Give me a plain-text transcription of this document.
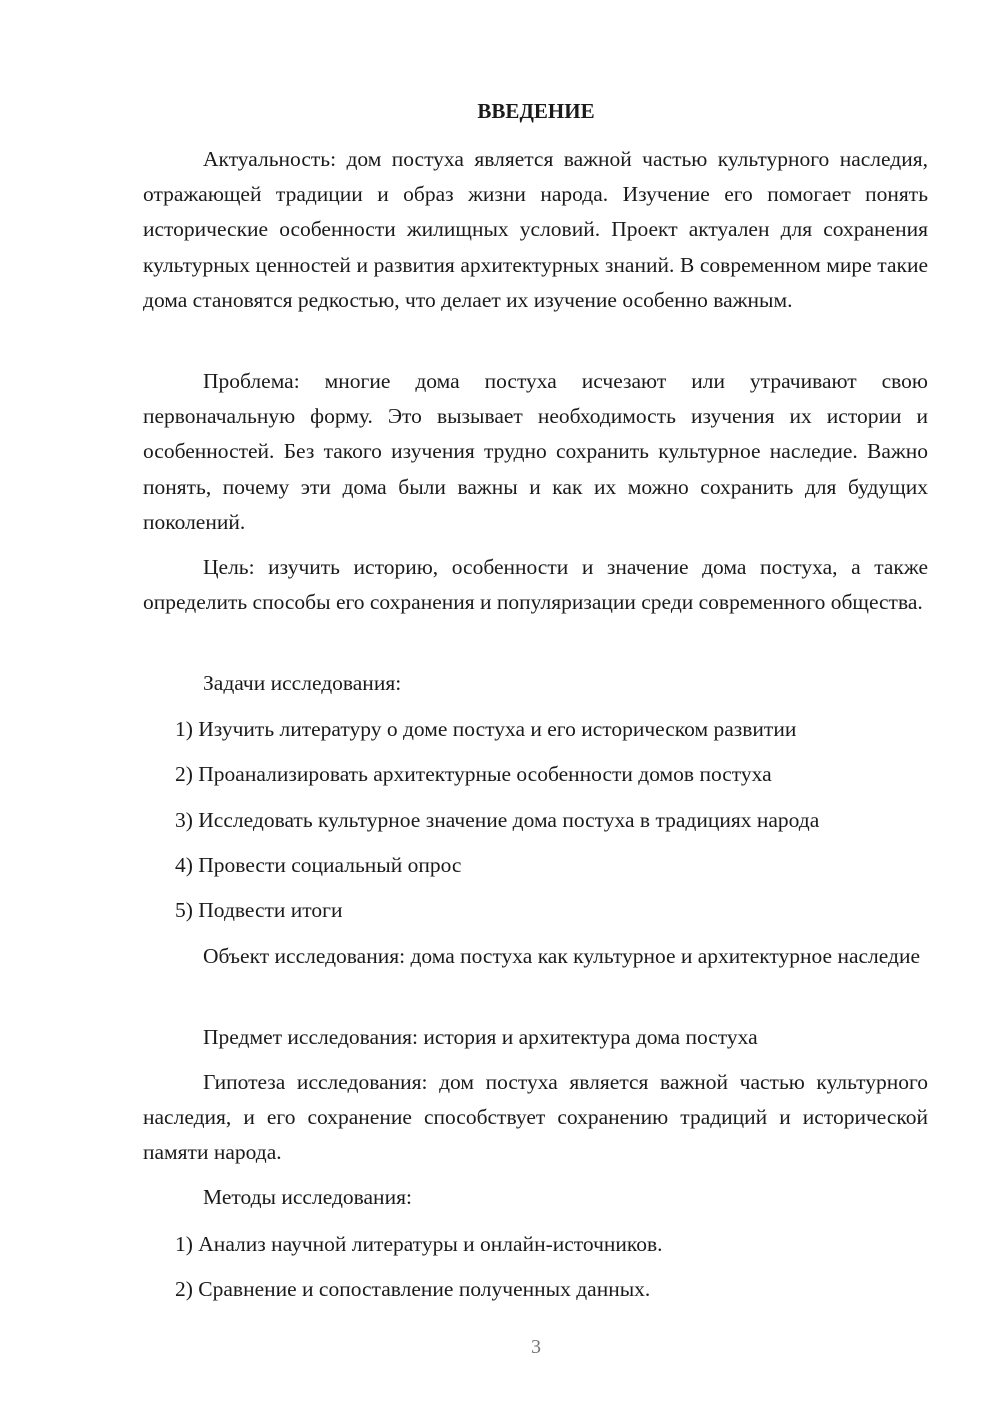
ВВЕДЕНИЕ
Актуальность: дом постуха является важной частью культурного наследия, отражающей традиции и образ жизни народа. Изучение его помогает понять исторические особенности жилищных условий. Проект актуален для сохранения культурных ценностей и развития архитектурных знаний. В современном мире такие дома становятся редкостью, что делает их изучение особенно важным.
Проблема: многие дома постуха исчезают или утрачивают свою первоначальную форму. Это вызывает необходимость изучения их истории и особенностей. Без такого изучения трудно сохранить культурное наследие. Важно понять, почему эти дома были важны и как их можно сохранить для будущих поколений.
Цель: изучить историю, особенности и значение дома постуха, а также определить способы его сохранения и популяризации среди современного общества.
Задачи исследования:
1) Изучить литературу о доме постуха и его историческом развитии
2) Проанализировать архитектурные особенности домов постуха
3) Исследовать культурное значение дома постуха в традициях народа
4) Провести социальный опрос
5) Подвести итоги
Объект исследования: дома постуха как культурное и архитектурное наследие
Предмет исследования: история и архитектура дома постуха
Гипотеза исследования: дом постуха является важной частью культурного наследия, и его сохранение способствует сохранению традиций и исторической памяти народа.
Методы исследования:
1) Анализ научной литературы и онлайн-источников.
2) Сравнение и сопоставление полученных данных.
3
